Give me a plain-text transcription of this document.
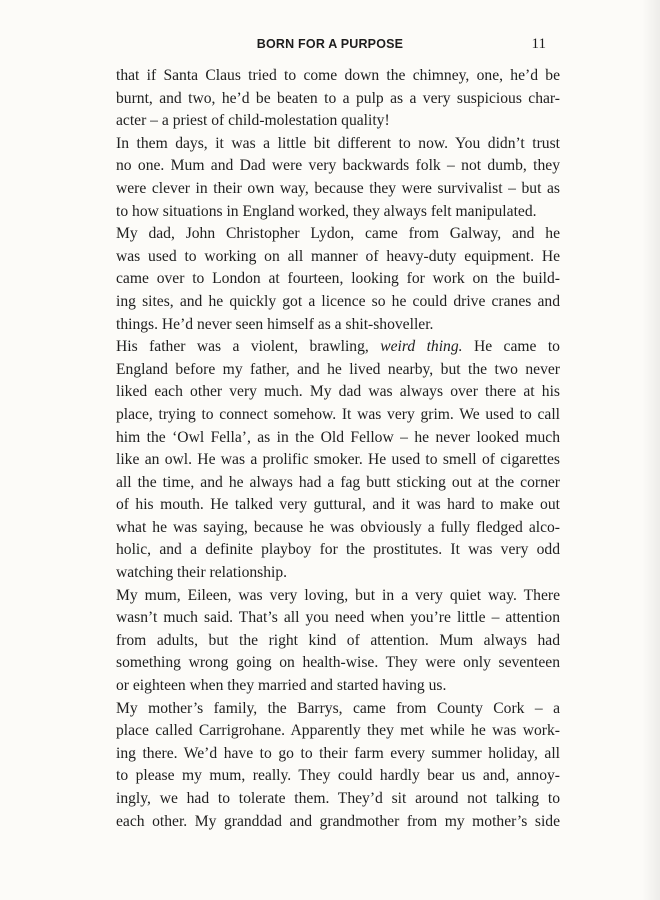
BORN FOR A PURPOSE	11
that if Santa Claus tried to come down the chimney, one, he’d be
burnt, and two, he’d be beaten to a pulp as a very suspicious char-
acter – a priest of child-molestation quality!
In them days, it was a little bit different to now. You didn’t trust
no one. Mum and Dad were very backwards folk – not dumb, they
were clever in their own way, because they were survivalist – but as
to how situations in England worked, they always felt manipulated.
My dad, John Christopher Lydon, came from Galway, and he
was used to working on all manner of heavy-duty equipment. He
came over to London at fourteen, looking for work on the build-
ing sites, and he quickly got a licence so he could drive cranes and
things. He’d never seen himself as a shit-shoveller.
His father was a violent, brawling, weird thing. He came to
England before my father, and he lived nearby, but the two never
liked each other very much. My dad was always over there at his
place, trying to connect somehow. It was very grim. We used to call
him the ‘Owl Fella’, as in the Old Fellow – he never looked much
like an owl. He was a prolific smoker. He used to smell of cigarettes
all the time, and he always had a fag butt sticking out at the corner
of his mouth. He talked very guttural, and it was hard to make out
what he was saying, because he was obviously a fully fledged alco-
holic, and a definite playboy for the prostitutes. It was very odd
watching their relationship.
My mum, Eileen, was very loving, but in a very quiet way. There
wasn’t much said. That’s all you need when you’re little – attention
from adults, but the right kind of attention. Mum always had
something wrong going on health-wise. They were only seventeen
or eighteen when they married and started having us.
My mother’s family, the Barrys, came from County Cork – a
place called Carrigrohane. Apparently they met while he was work-
ing there. We’d have to go to their farm every summer holiday, all
to please my mum, really. They could hardly bear us and, annoy-
ingly, we had to tolerate them. They’d sit around not talking to
each other. My granddad and grandmother from my mother’s side
